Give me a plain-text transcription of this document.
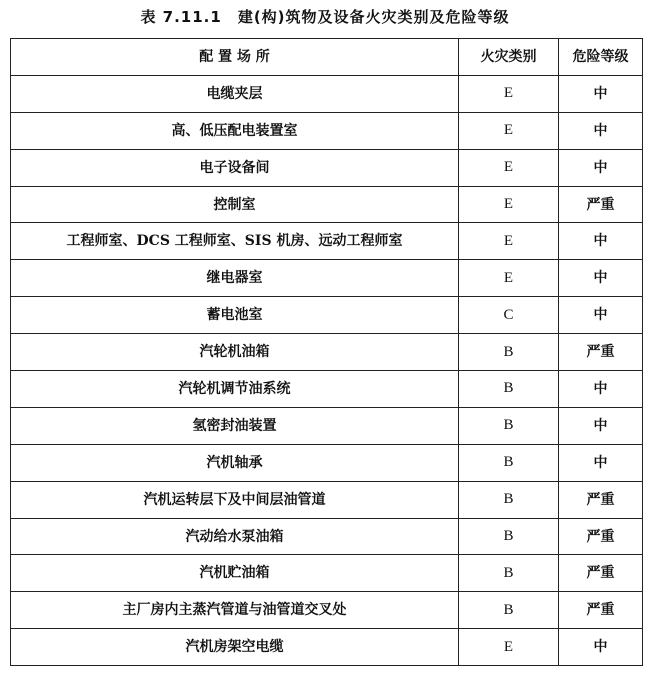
表 7.11.1　建(构)筑物及设备火灾类别及危险等级
配 置 场 所	火灾类别	危险等级
电缆夹层	E	中
高、低压配电装置室	E	中
电子设备间	E	中
控制室	E	严重
工程师室、DCS 工程师室、SIS 机房、远动工程师室	E	中
继电器室	E	中
蓄电池室	C	中
汽轮机油箱	B	严重
汽轮机调节油系统	B	中
氢密封油装置	B	中
汽机轴承	B	中
汽机运转层下及中间层油管道	B	严重
汽动给水泵油箱	B	严重
汽机贮油箱	B	严重
主厂房内主蒸汽管道与油管道交叉处	B	严重
汽机房架空电缆	E	中
